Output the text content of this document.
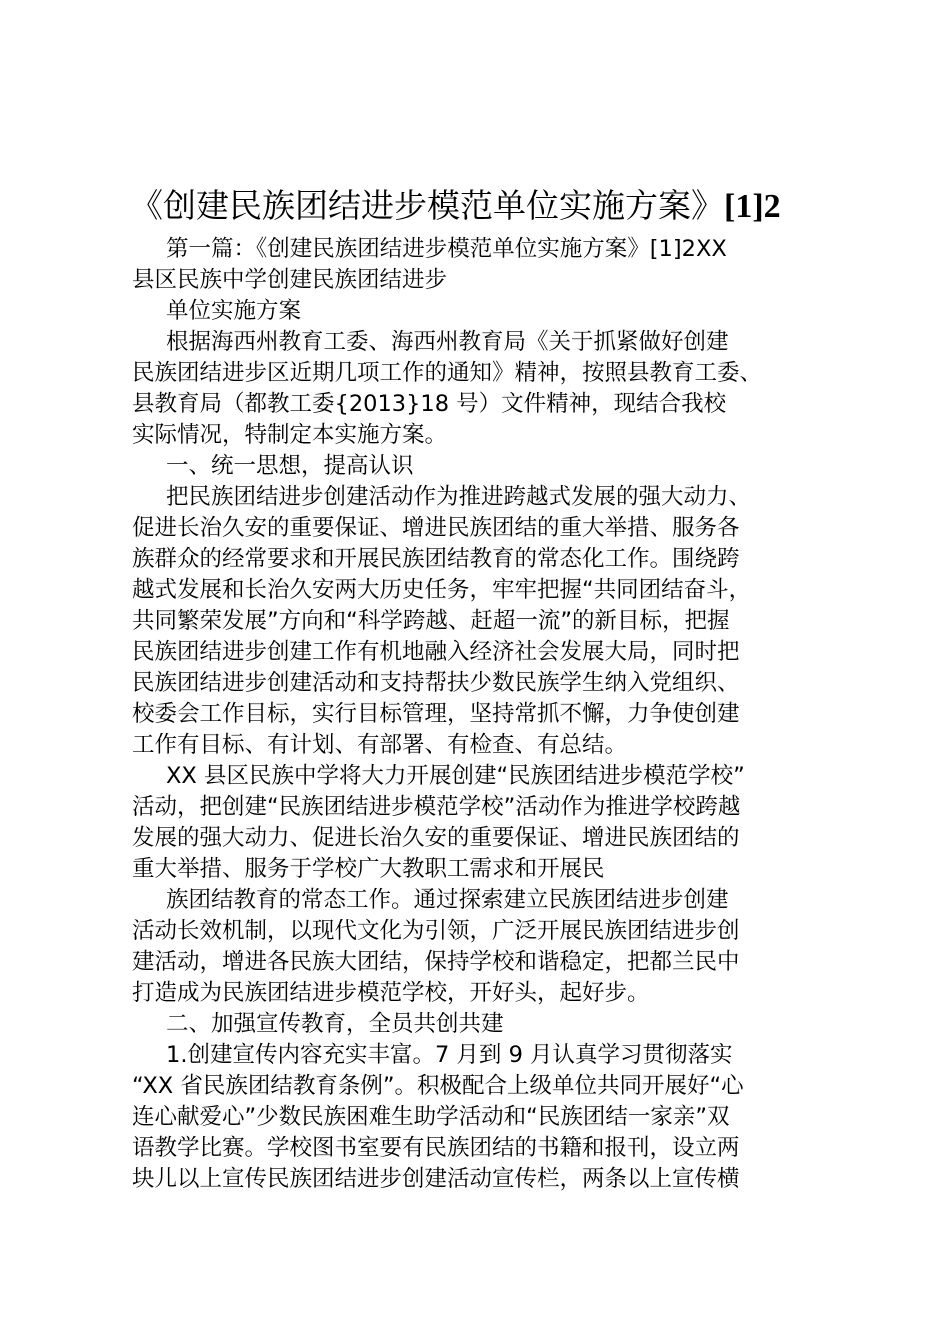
《创建民族团结进步模范单位实施方案》[1]2
第一篇：《创建民族团结进步模范单位实施方案》[1]2XX
县区民族中学创建民族团结进步
单位实施方案
根据海西州教育工委、海西州教育局《关于抓紧做好创建
民族团结进步区近期几项工作的通知》精神，按照县教育工委、
县教育局（都教工委{2013}18 号）文件精神，现结合我校
实际情况，特制定本实施方案。
一、统一思想，提高认识
把民族团结进步创建活动作为推进跨越式发展的强大动力、
促进长治久安的重要保证、增进民族团结的重大举措、服务各
族群众的经常要求和开展民族团结教育的常态化工作。围绕跨
越式发展和长治久安两大历史任务，牢牢把握“共同团结奋斗，
共同繁荣发展”方向和“科学跨越、赶超一流”的新目标，把握
民族团结进步创建工作有机地融入经济社会发展大局，同时把
民族团结进步创建活动和支持帮扶少数民族学生纳入党组织、
校委会工作目标，实行目标管理，坚持常抓不懈，力争使创建
工作有目标、有计划、有部署、有检查、有总结。
XX 县区民族中学将大力开展创建“民族团结进步模范学校”
活动，把创建“民族团结进步模范学校”活动作为推进学校跨越
发展的强大动力、促进长治久安的重要保证、增进民族团结的
重大举措、服务于学校广大教职工需求和开展民
族团结教育的常态工作。通过探索建立民族团结进步创建
活动长效机制，以现代文化为引领，广泛开展民族团结进步创
建活动，增进各民族大团结，保持学校和谐稳定，把都兰民中
打造成为民族团结进步模范学校，开好头，起好步。
二、加强宣传教育，全员共创共建
1.创建宣传内容充实丰富。7 月到 9 月认真学习贯彻落实
“XX 省民族团结教育条例”。积极配合上级单位共同开展好“心
连心献爱心”少数民族困难生助学活动和“民族团结一家亲”双
语教学比赛。学校图书室要有民族团结的书籍和报刊，设立两
块儿以上宣传民族团结进步创建活动宣传栏，两条以上宣传横
